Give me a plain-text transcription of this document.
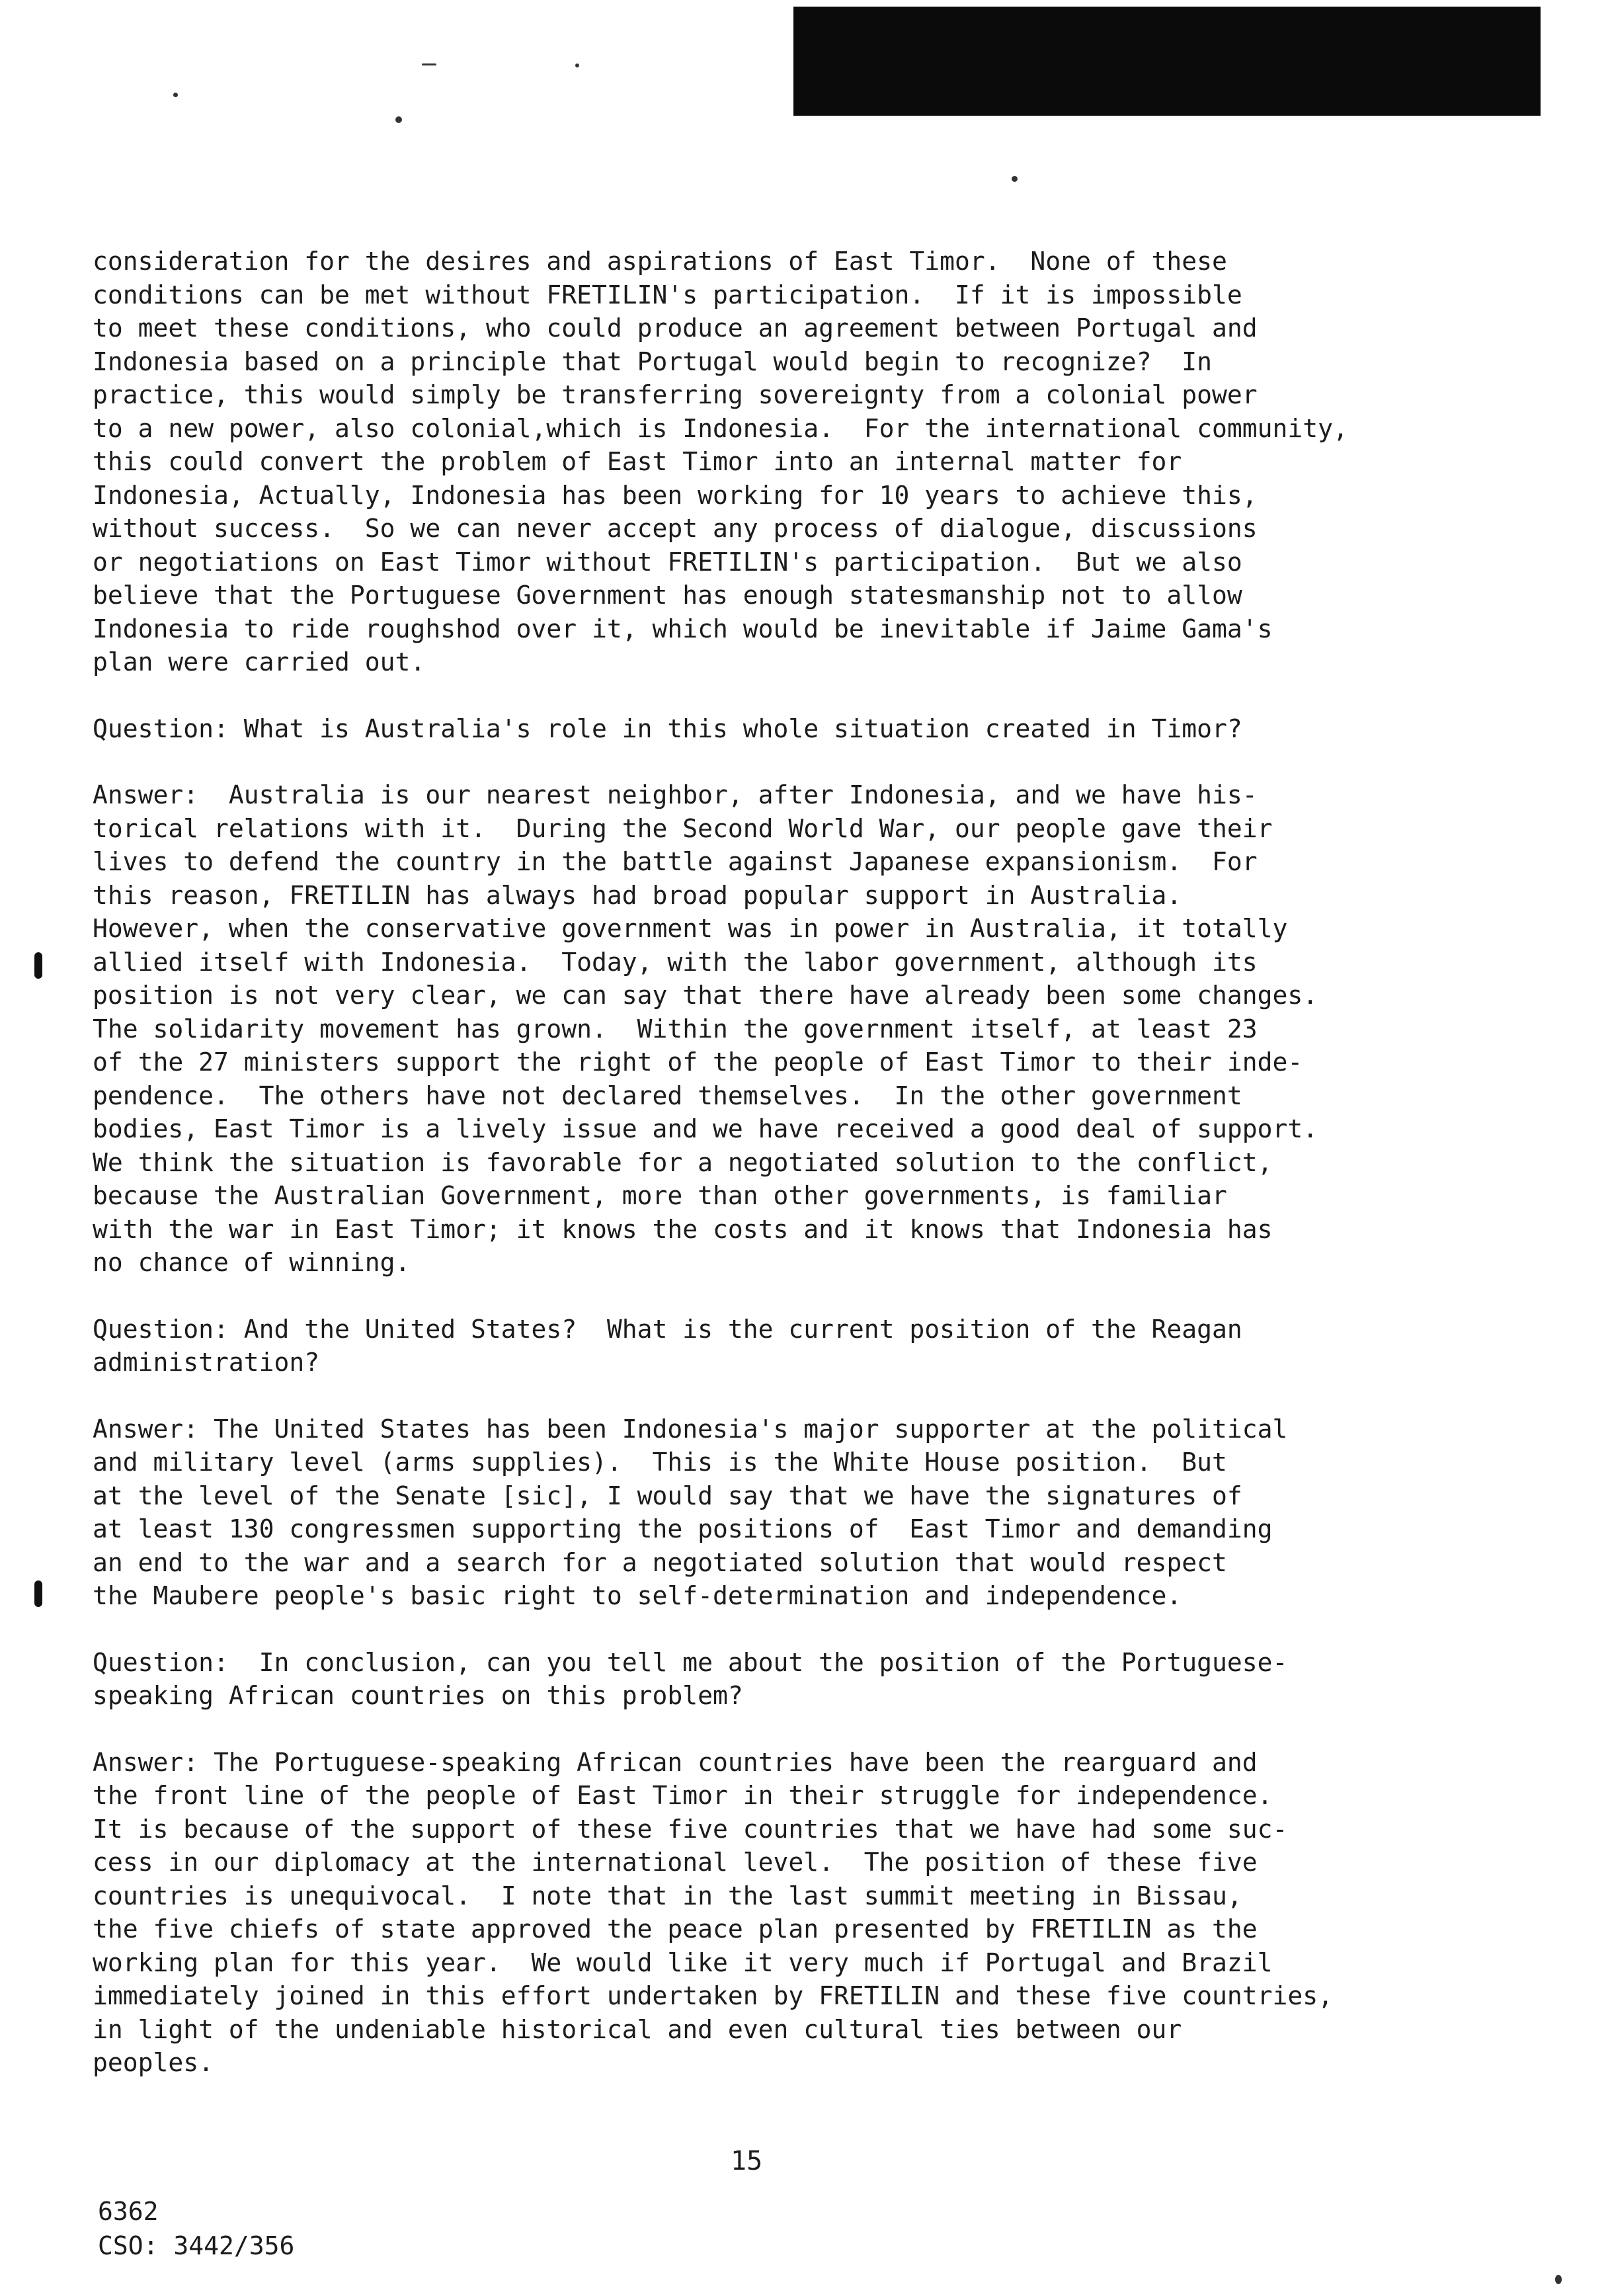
consideration for the desires and aspirations of East Timor.  None of these
conditions can be met without FRETILIN's participation.  If it is impossible
to meet these conditions, who could produce an agreement between Portugal and
Indonesia based on a principle that Portugal would begin to recognize?  In
practice, this would simply be transferring sovereignty from a colonial power
to a new power, also colonial,which is Indonesia.  For the international community,
this could convert the problem of East Timor into an internal matter for
Indonesia, Actually, Indonesia has been working for 10 years to achieve this,
without success.  So we can never accept any process of dialogue, discussions
or negotiations on East Timor without FRETILIN's participation.  But we also
believe that the Portuguese Government has enough statesmanship not to allow
Indonesia to ride roughshod over it, which would be inevitable if Jaime Gama's
plan were carried out.

Question: What is Australia's role in this whole situation created in Timor?

Answer:  Australia is our nearest neighbor, after Indonesia, and we have his-
torical relations with it.  During the Second World War, our people gave their
lives to defend the country in the battle against Japanese expansionism.  For
this reason, FRETILIN has always had broad popular support in Australia.
However, when the conservative government was in power in Australia, it totally
allied itself with Indonesia.  Today, with the labor government, although its
position is not very clear, we can say that there have already been some changes.
The solidarity movement has grown.  Within the government itself, at least 23
of the 27 ministers support the right of the people of East Timor to their inde-
pendence.  The others have not declared themselves.  In the other government
bodies, East Timor is a lively issue and we have received a good deal of support.
We think the situation is favorable for a negotiated solution to the conflict,
because the Australian Government, more than other governments, is familiar
with the war in East Timor; it knows the costs and it knows that Indonesia has
no chance of winning.

Question: And the United States?  What is the current position of the Reagan
administration?

Answer: The United States has been Indonesia's major supporter at the political
and military level (arms supplies).  This is the White House position.  But
at the level of the Senate [sic], I would say that we have the signatures of
at least 130 congressmen supporting the positions of  East Timor and demanding
an end to the war and a search for a negotiated solution that would respect
the Maubere people's basic right to self-determination and independence.

Question:  In conclusion, can you tell me about the position of the Portuguese-
speaking African countries on this problem?

Answer: The Portuguese-speaking African countries have been the rearguard and
the front line of the people of East Timor in their struggle for independence.
It is because of the support of these five countries that we have had some suc-
cess in our diplomacy at the international level.  The position of these five
countries is unequivocal.  I note that in the last summit meeting in Bissau,
the five chiefs of state approved the peace plan presented by FRETILIN as the
working plan for this year.  We would like it very much if Portugal and Brazil
immediately joined in this effort undertaken by FRETILIN and these five countries,
in light of the undeniable historical and even cultural ties between our
peoples.

15
6362
CSO: 3442/356
